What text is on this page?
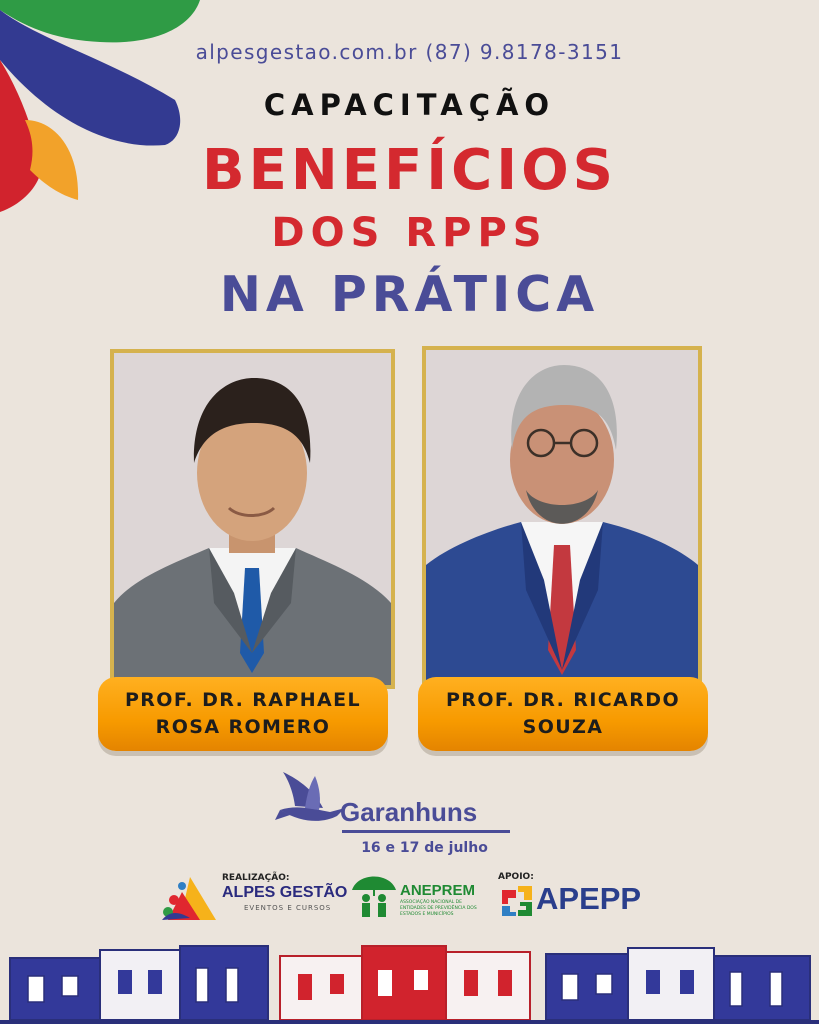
alpesgestao.com.br (87) 9.8178-3151
CAPACITAÇÃO
BENEFÍCIOS
DOS RPPS
NA PRÁTICA
PROF. DR. RAPHAEL
ROSA ROMERO
PROF. DR. RICARDO
SOUZA
Garanhuns
16 e 17 de julho
REALIZAÇÃO:
ALPES GESTÃO
EVENTOS E CURSOS
ANEPREM
ASSOCIAÇÃO NACIONAL DE ENTIDADES DE PREVIDÊNCIA DOS ESTADOS E MUNICÍPIOS
APOIO:
APEPP
